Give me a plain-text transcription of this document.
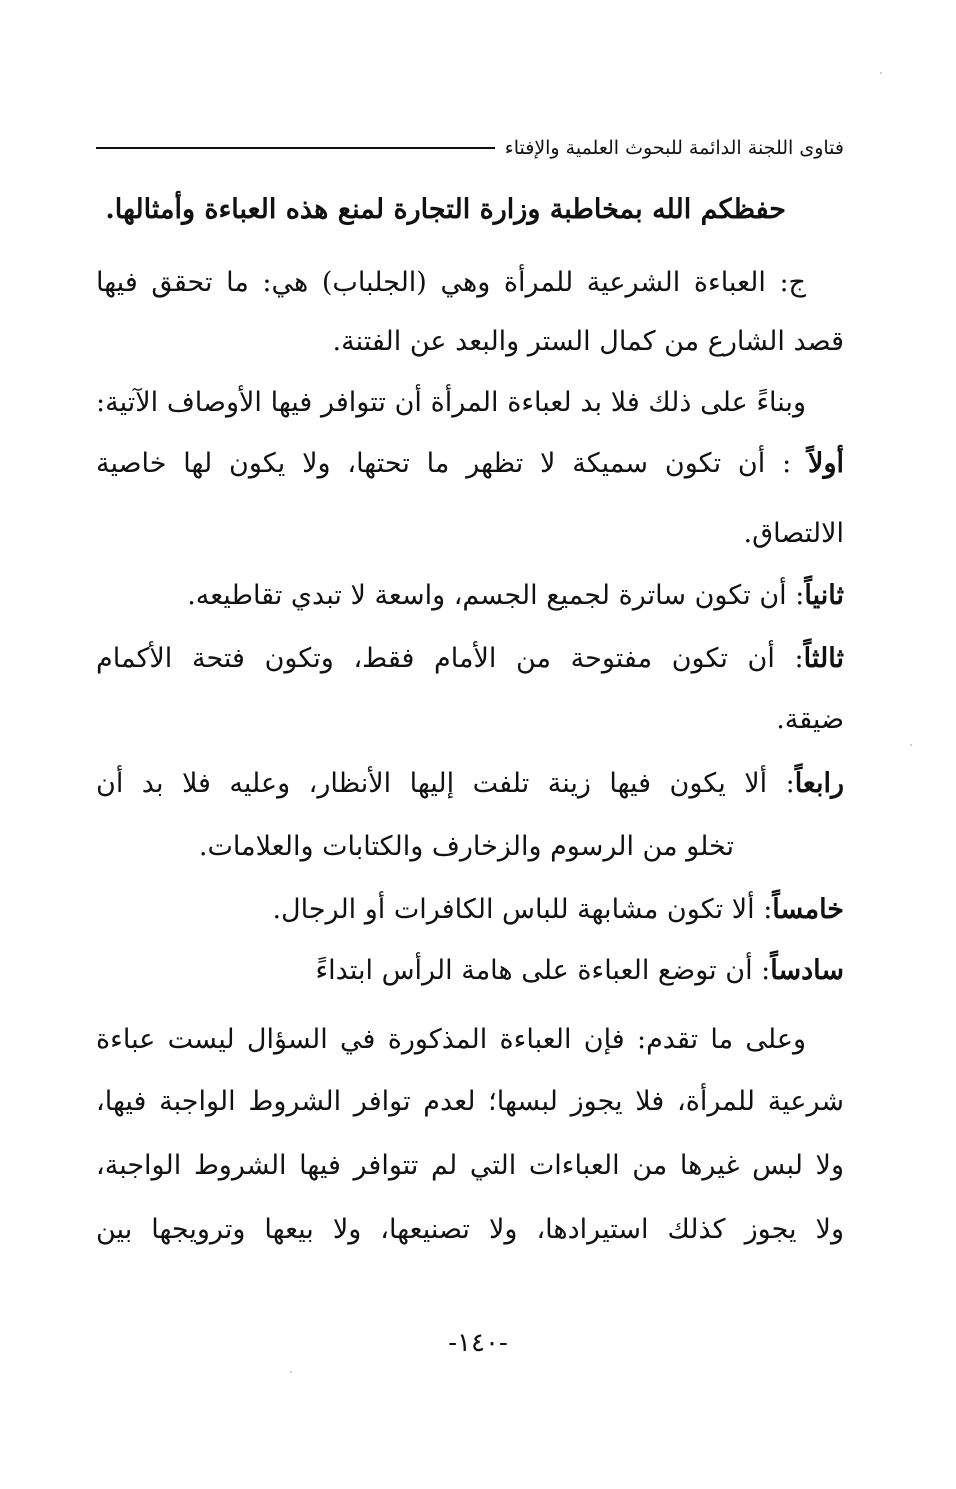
فتاوى اللجنة الدائمة للبحوث العلمية والإفتاء
حفظكم الله بمخاطبة وزارة التجارة لمنع هذه العباءة وأمثالها.
ج: العباءة الشرعية للمرأة وهي (الجلباب) هي: ما تحقق فيها
قصد الشارع من كمال الستر والبعد عن الفتنة.
وبناءً على ذلك فلا بد لعباءة المرأة أن تتوافر فيها الأوصاف الآتية:
أولاً : أن تكون سميكة لا تظهر ما تحتها، ولا يكون لها خاصية
الالتصاق.
ثانياً: أن تكون ساترة لجميع الجسم، واسعة لا تبدي تقاطيعه.
ثالثاً: أن تكون مفتوحة من الأمام فقط، وتكون فتحة الأكمام
ضيقة.
رابعاً: ألا يكون فيها زينة تلفت إليها الأنظار، وعليه فلا بد أن
تخلو من الرسوم والزخارف والكتابات والعلامات.
خامساً: ألا تكون مشابهة للباس الكافرات أو الرجال.
سادساً: أن توضع العباءة على هامة الرأس ابتداءً
وعلى ما تقدم: فإن العباءة المذكورة في السؤال ليست عباءة
شرعية للمرأة، فلا يجوز لبسها؛ لعدم توافر الشروط الواجبة فيها،
ولا لبس غيرها من العباءات التي لم تتوافر فيها الشروط الواجبة،
ولا يجوز كذلك استيرادها، ولا تصنيعها، ولا بيعها وترويجها بين
-١٤٠-
